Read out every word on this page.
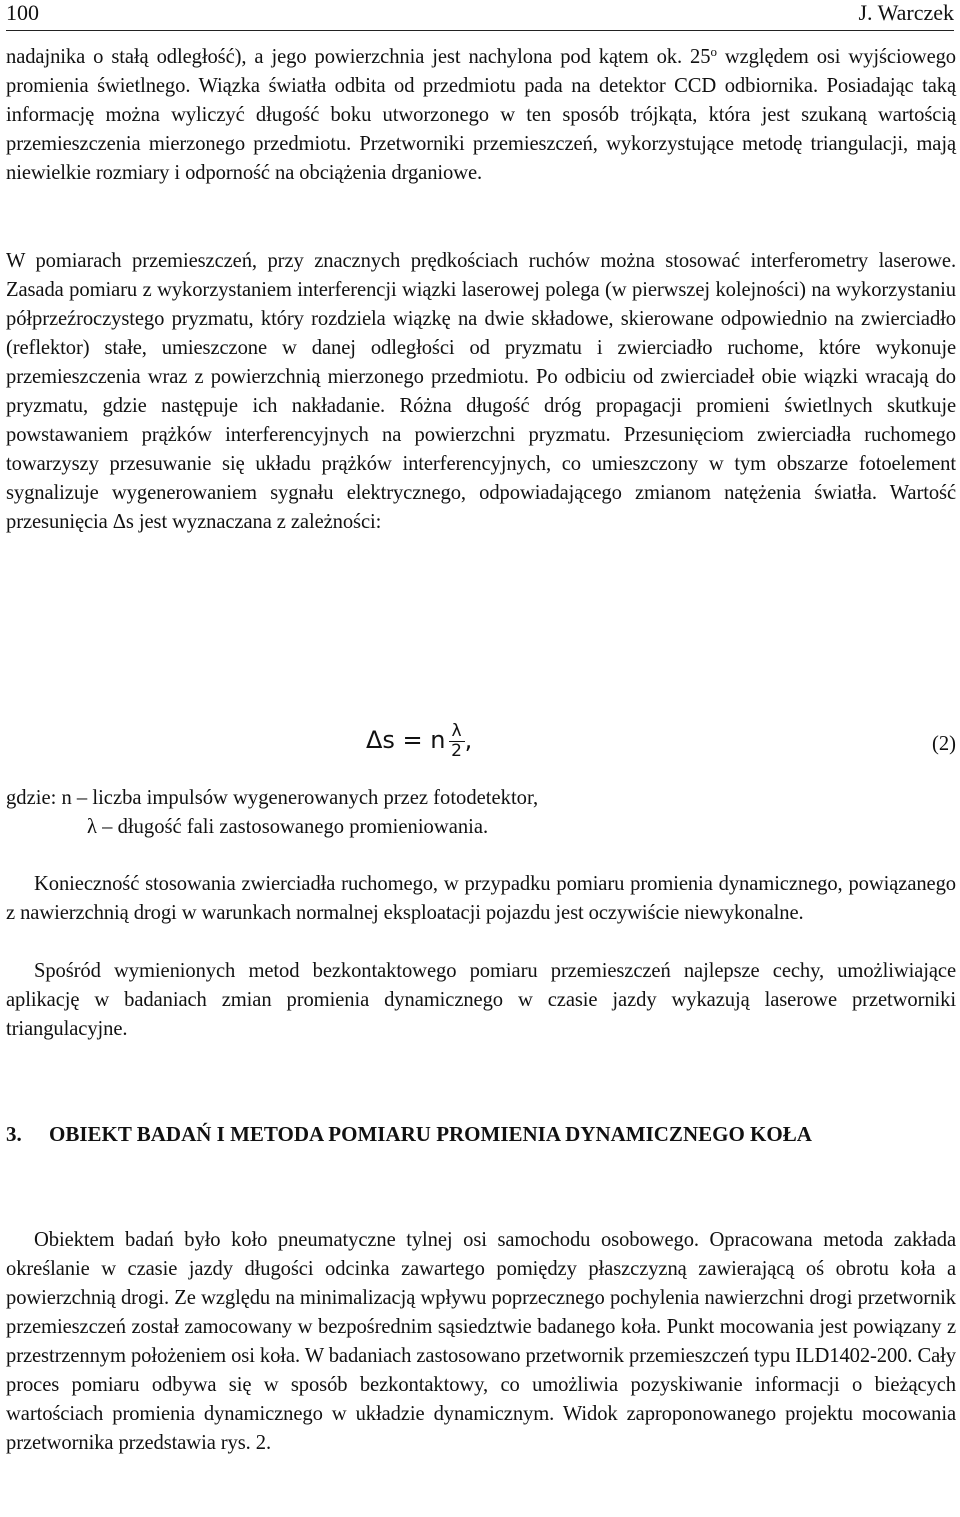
100	J. Warczek

nadajnika o stałą odległość), a jego powierzchnia jest nachylona pod kątem ok. 25$^o$ względem osi wyjściowego promienia świetlnego. Wiązka światła odbita od przedmiotu pada na detektor CCD odbiornika. Posiadając taką informację można wyliczyć długość boku utworzonego w ten sposób trójkąta, która jest szukaną wartością przemieszczenia mierzonego przedmiotu. Przetworniki przemieszczeń, wykorzystujące metodę triangulacji, mają niewielkie rozmiary i odporność na obciążenia drganiowe.

W pomiarach przemieszczeń, przy znacznych prędkościach ruchów można stosować interferometry laserowe. Zasada pomiaru z wykorzystaniem interferencji wiązki laserowej polega (w pierwszej kolejności) na wykorzystaniu półprzeźroczystego pryzmatu, który rozdziela wiązkę na dwie składowe, skierowane odpowiednio na zwierciadło (reflektor) stałe, umieszczone w danej odległości od pryzmatu i zwierciadło ruchome, które wykonuje przemieszczenia wraz z powierzchnią mierzonego przedmiotu. Po odbiciu od zwierciadeł obie wiązki wracają do pryzmatu, gdzie następuje ich nakładanie. Różna długość dróg propagacji promieni świetlnych skutkuje powstawaniem prążków interferencyjnych na powierzchni pryzmatu. Przesunięciom zwierciadła ruchomego towarzyszy przesuwanie się układu prążków interferencyjnych, co umieszczony w tym obszarze fotoelement sygnalizuje wygenerowaniem sygnału elektrycznego, odpowiadającego zmianom natężenia światła. Wartość przesunięcia Δs jest wyznaczana z zależności:

Δs = n $\frac{\lambda}{2}$ ,	(2)
gdzie: n – liczba impulsów wygenerowanych przez fotodetektor,
λ – długość fali zastosowanego promieniowania.

Konieczność stosowania zwierciadła ruchomego, w przypadku pomiaru promienia dynamicznego, powiązanego z nawierzchnią drogi w warunkach normalnej eksploatacji pojazdu jest oczywiście niewykonalne.

Spośród wymienionych metod bezkontaktowego pomiaru przemieszczeń najlepsze cechy, umożliwiające aplikację w badaniach zmian promienia dynamicznego w czasie jazdy wykazują laserowe przetworniki triangulacyjne.

3. OBIEKT BADAŃ I METODA POMIARU PROMIENIA DYNAMICZNEGO KOŁA

Obiektem badań było koło pneumatyczne tylnej osi samochodu osobowego. Opracowana metoda zakłada określanie w czasie jazdy długości odcinka zawartego pomiędzy płaszczyzną zawierającą oś obrotu koła a powierzchnią drogi. Ze względu na minimalizacją wpływu poprzecznego pochylenia nawierzchni drogi przetwornik przemieszczeń został zamocowany w bezpośrednim sąsiedztwie badanego koła. Punkt mocowania jest powiązany z przestrzennym położeniem osi koła. W badaniach zastosowano przetwornik przemieszczeń typu ILD1402-200. Cały proces pomiaru odbywa się w sposób bezkontaktowy, co umożliwia pozyskiwanie informacji o bieżących wartościach promienia dynamicznego w układzie dynamicznym. Widok zaproponowanego projektu mocowania przetwornika przedstawia rys. 2.
